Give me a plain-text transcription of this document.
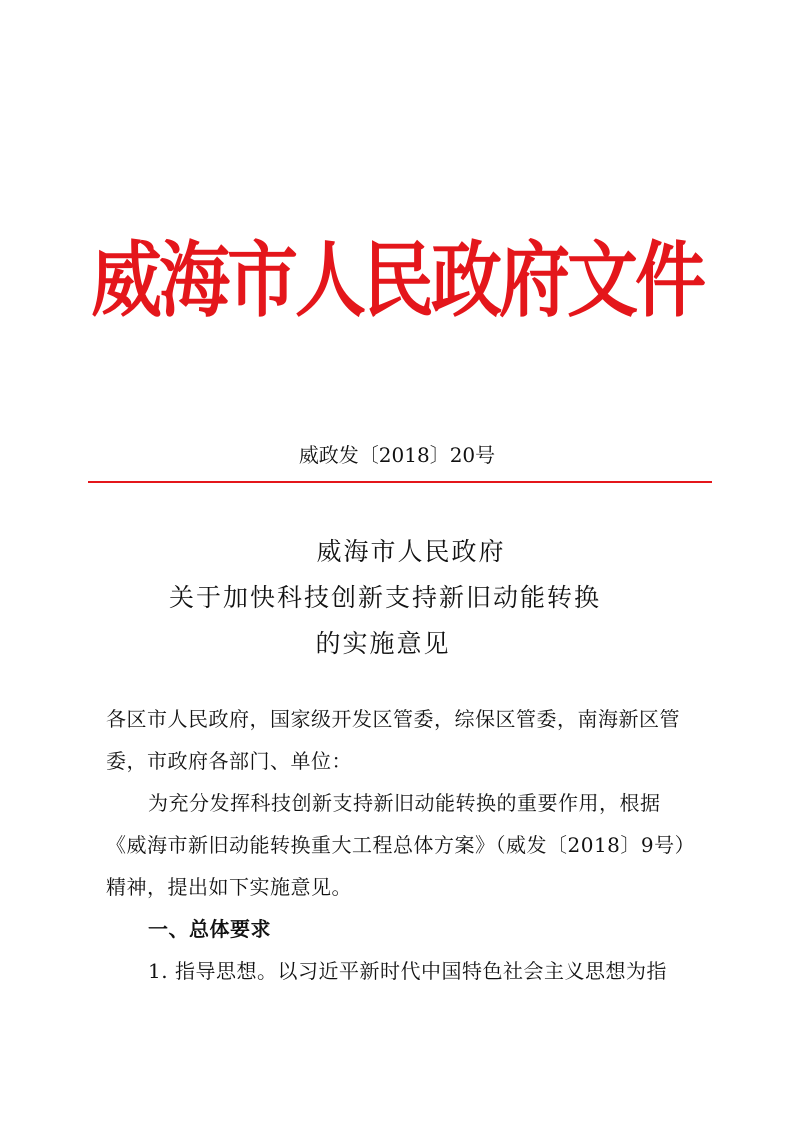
威海市人民政府文件
威政发〔2018〕20号
威海市人民政府
关于加快科技创新支持新旧动能转换
的实施意见
各区市人民政府，国家级开发区管委，综保区管委，南海新区管
委，市政府各部门、单位：
为充分发挥科技创新支持新旧动能转换的重要作用，根据
《威海市新旧动能转换重大工程总体方案》（威发〔2018〕9号）
精神，提出如下实施意见。
一、总体要求
1. 指导思想。以习近平新时代中国特色社会主义思想为指
